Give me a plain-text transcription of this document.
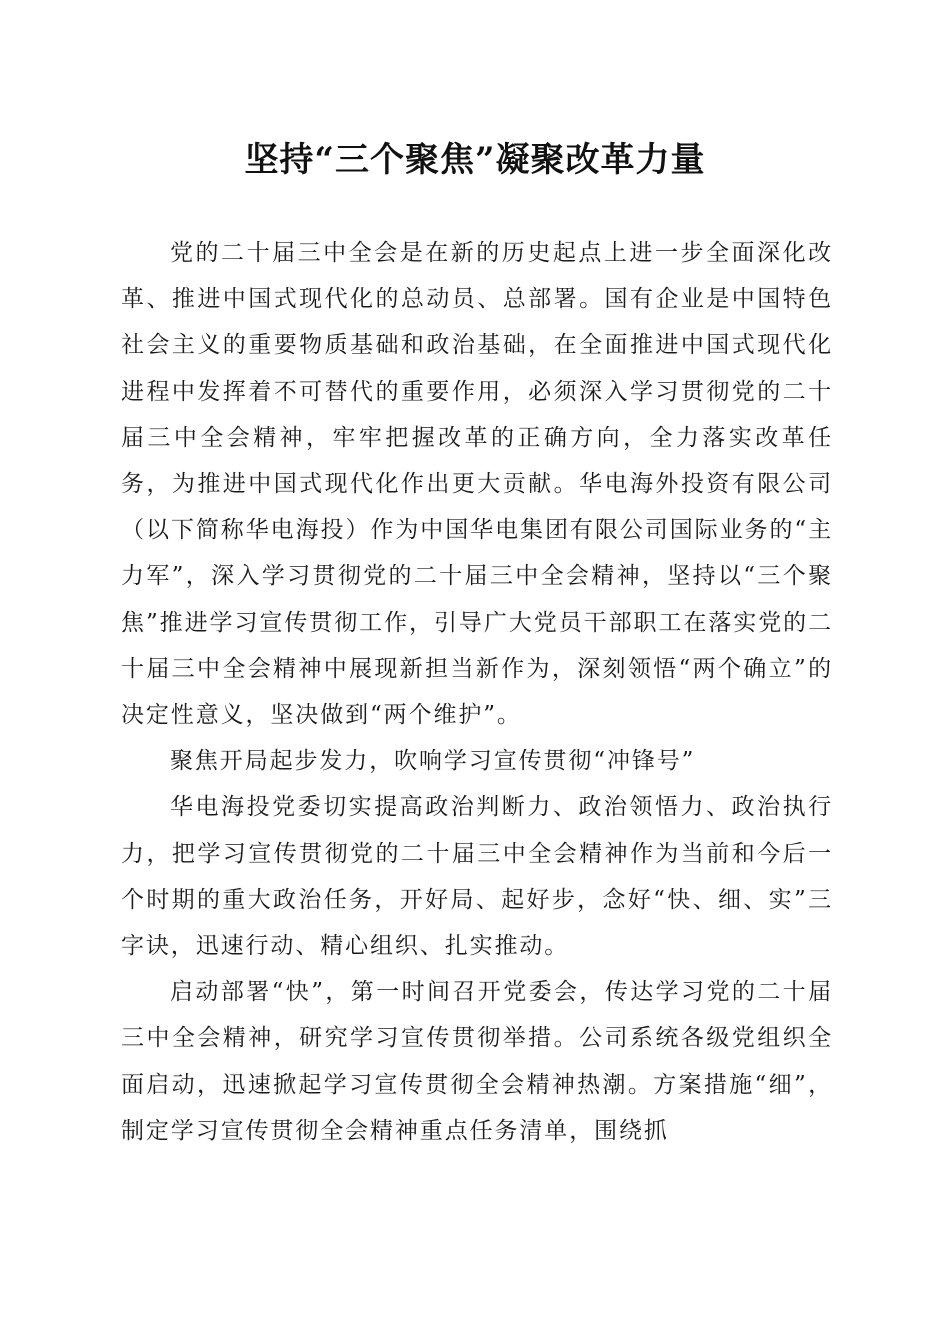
坚持“三个聚焦”凝聚改革力量

党的二十届三中全会是在新的历史起点上进一步全面深化改革、推进中国式现代化的总动员、总部署。国有企业是中国特色社会主义的重要物质基础和政治基础，在全面推进中国式现代化进程中发挥着不可替代的重要作用，必须深入学习贯彻党的二十届三中全会精神，牢牢把握改革的正确方向，全力落实改革任务，为推进中国式现代化作出更大贡献。华电海外投资有限公司（以下简称华电海投）作为中国华电集团有限公司国际业务的“主力军”，深入学习贯彻党的二十届三中全会精神，坚持以“三个聚焦”推进学习宣传贯彻工作，引导广大党员干部职工在落实党的二十届三中全会精神中展现新担当新作为，深刻领悟“两个确立”的决定性意义，坚决做到“两个维护”。

聚焦开局起步发力，吹响学习宣传贯彻“冲锋号”

华电海投党委切实提高政治判断力、政治领悟力、政治执行力，把学习宣传贯彻党的二十届三中全会精神作为当前和今后一个时期的重大政治任务，开好局、起好步，念好“快、细、实”三字诀，迅速行动、精心组织、扎实推动。

启动部署“快”，第一时间召开党委会，传达学习党的二十届三中全会精神，研究学习宣传贯彻举措。公司系统各级党组织全面启动，迅速掀起学习宣传贯彻全会精神热潮。方案措施“细”，制定学习宣传贯彻全会精神重点任务清单，围绕抓
